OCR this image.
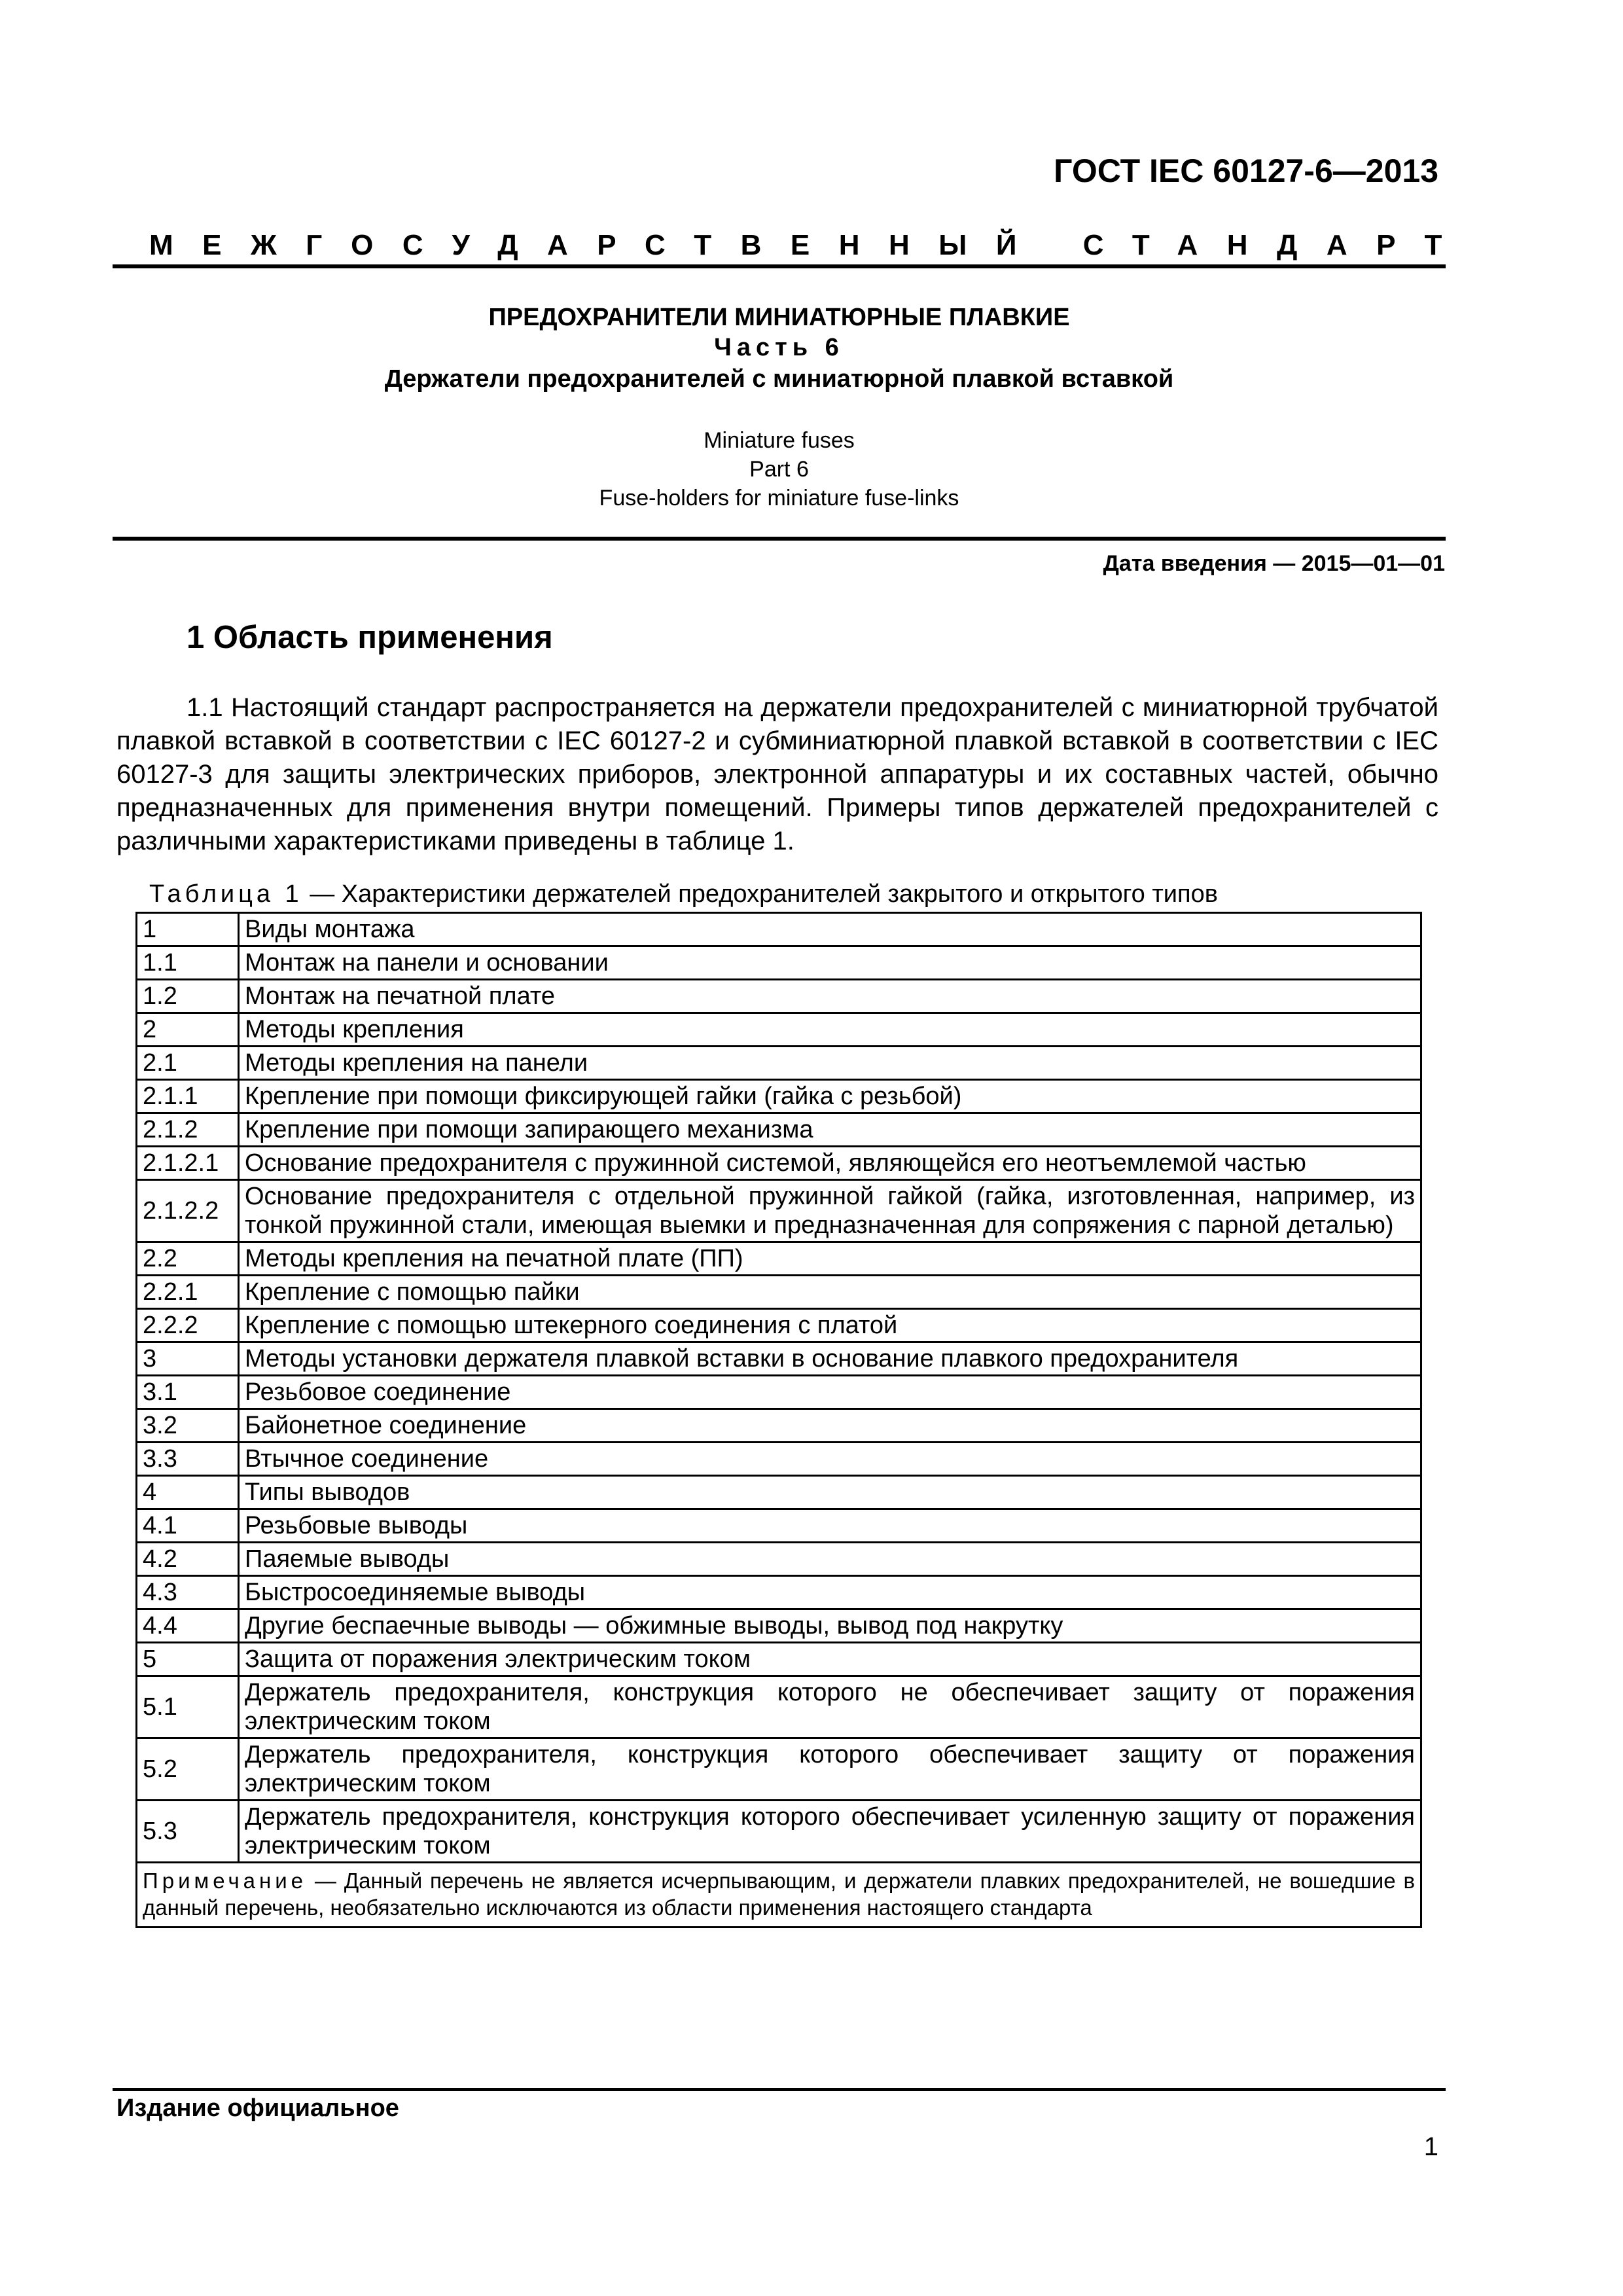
ГОСТ IEC 60127-6—2013
МЕЖГОСУДАРСТВЕННЫЙ СТАНДАРТ
ПРЕДОХРАНИТЕЛИ МИНИАТЮРНЫЕ ПЛАВКИЕ
Часть 6
Держатели предохранителей с миниатюрной плавкой вставкой
Miniature fuses
Part 6
Fuse-holders for miniature fuse-links
Дата введения — 2015—01—01
1 Область применения
1.1 Настоящий стандарт распространяется на держатели предохранителей с миниатюрной трубчатой плавкой вставкой в соответствии с IEC 60127-2 и субминиатюрной плавкой вставкой в соответствии с IEC 60127-3 для защиты электрических приборов, электронной аппаратуры и их составных частей, обычно предназначенных для применения внутри помещений. Примеры типов держателей предохранителей с различными характеристиками приведены в таблице 1.
Таблица 1 — Характеристики держателей предохранителей закрытого и открытого типов
1	Виды монтажа
1.1	Монтаж на панели и основании
1.2	Монтаж на печатной плате
2	Методы крепления
2.1	Методы крепления на панели
2.1.1	Крепление при помощи фиксирующей гайки (гайка с резьбой)
2.1.2	Крепление при помощи запирающего механизма
2.1.2.1	Основание предохранителя с пружинной системой, являющейся его неотъемлемой частью
2.1.2.2	Основание предохранителя с отдельной пружинной гайкой (гайка, изготовленная, например, из тонкой пружинной стали, имеющая выемки и предназначенная для сопряжения с парной деталью)
2.2	Методы крепления на печатной плате (ПП)
2.2.1	Крепление с помощью пайки
2.2.2	Крепление с помощью штекерного соединения с платой
3	Методы установки держателя плавкой вставки в основание плавкого предохранителя
3.1	Резьбовое соединение
3.2	Байонетное соединение
3.3	Втычное соединение
4	Типы выводов
4.1	Резьбовые выводы
4.2	Паяемые выводы
4.3	Быстросоединяемые выводы
4.4	Другие беспаечные выводы — обжимные выводы, вывод под накрутку
5	Защита от поражения электрическим током
5.1	Держатель предохранителя, конструкция которого не обеспечивает защиту от поражения электрическим током
5.2	Держатель предохранителя, конструкция которого обеспечивает защиту от поражения электрическим током
5.3	Держатель предохранителя, конструкция которого обеспечивает усиленную защиту от поражения электрическим током
Примечание — Данный перечень не является исчерпывающим, и держатели плавких предохранителей, не вошедшие в данный перечень, необязательно исключаются из области применения настоящего стандарта	
Издание официальное
1
